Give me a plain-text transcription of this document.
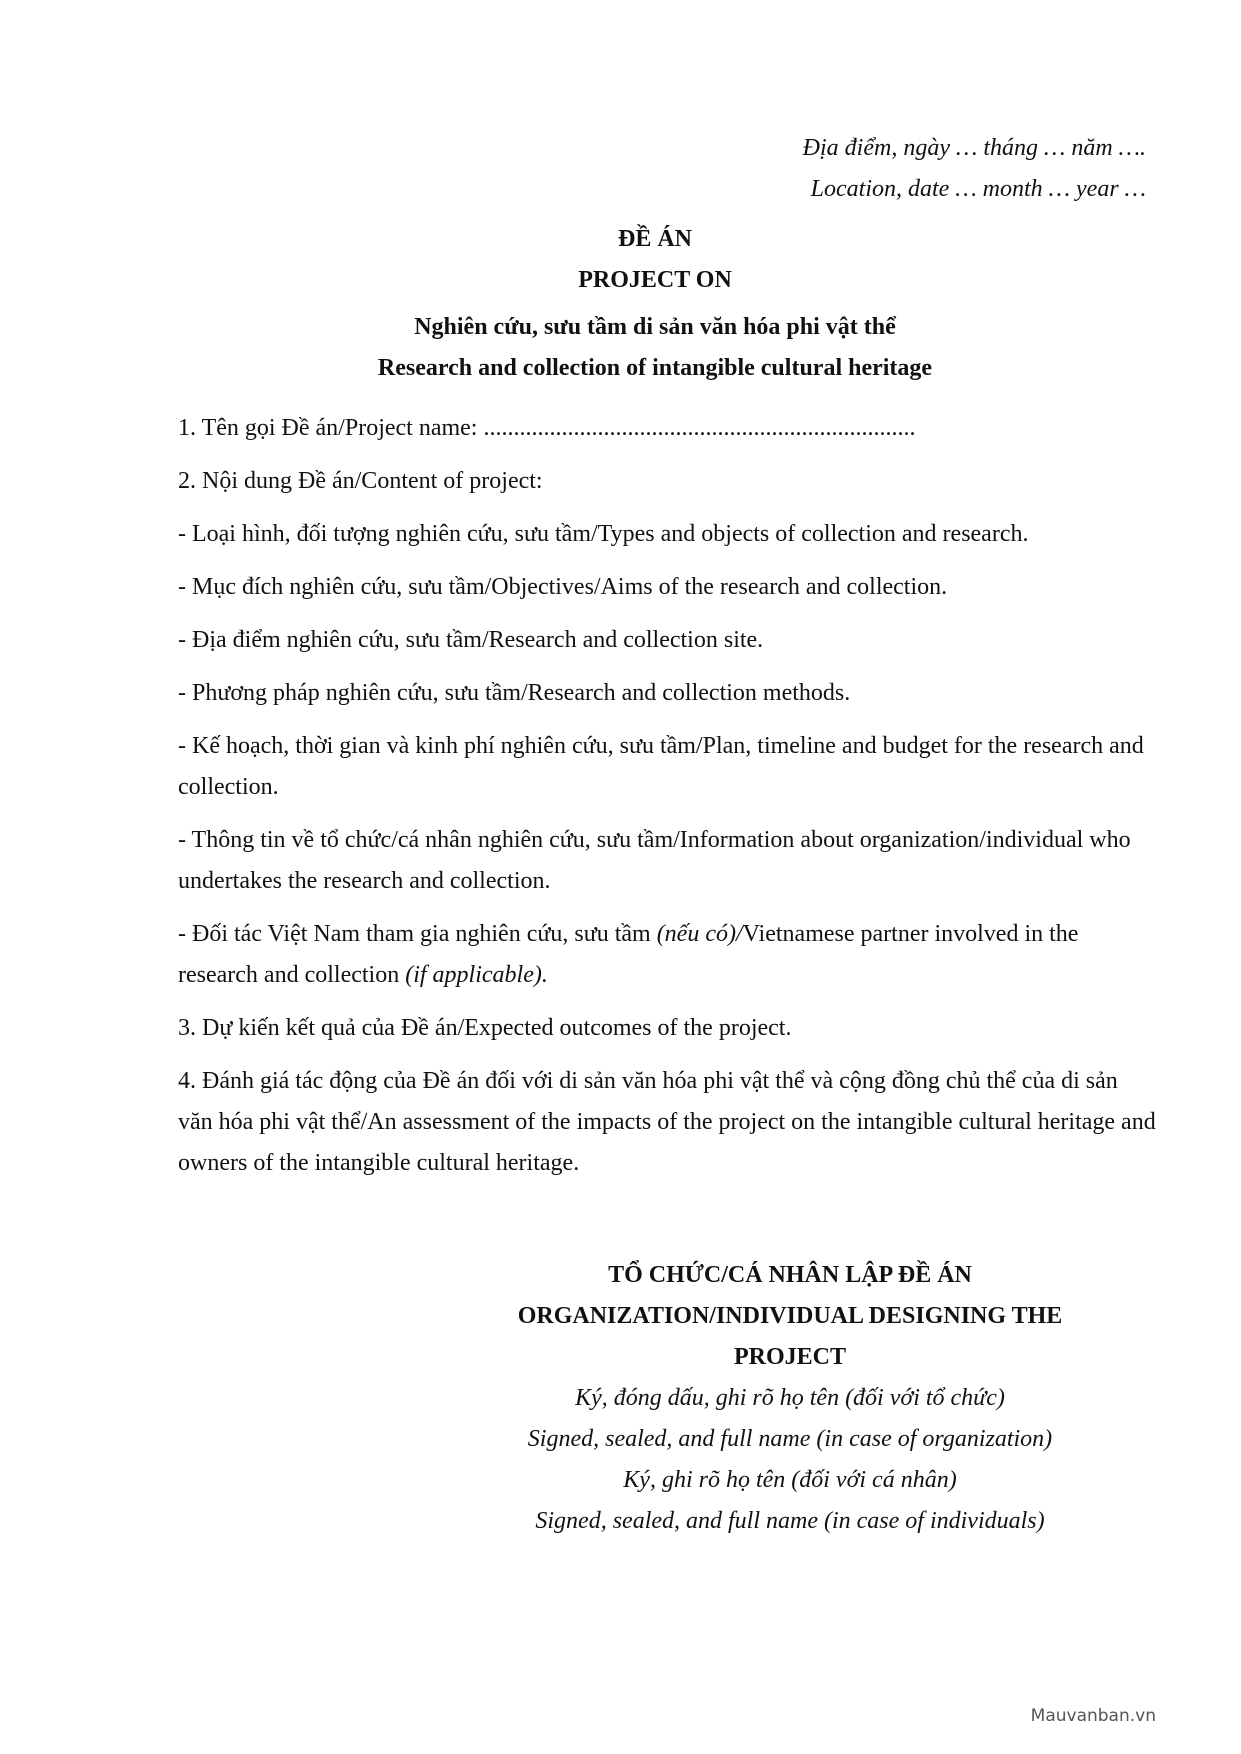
Địa điểm, ngày … tháng … năm ….
Location, date … month … year …
ĐỀ ÁN
PROJECT ON
Nghiên cứu, sưu tầm di sản văn hóa phi vật thể
Research and collection of intangible cultural heritage

1. Tên gọi Đề án/Project name: ........................................................................

2. Nội dung Đề án/Content of project:

- Loại hình, đối tượng nghiên cứu, sưu tầm/Types and objects of collection and research.

- Mục đích nghiên cứu, sưu tầm/Objectives/Aims of the research and collection.

- Địa điểm nghiên cứu, sưu tầm/Research and collection site.

- Phương pháp nghiên cứu, sưu tầm/Research and collection methods.

- Kế hoạch, thời gian và kinh phí nghiên cứu, sưu tầm/Plan, timeline and budget for the research and collection.

- Thông tin về tổ chức/cá nhân nghiên cứu, sưu tầm/Information about organization/individual who undertakes the research and collection.

- Đối tác Việt Nam tham gia nghiên cứu, sưu tầm (nếu có)/Vietnamese partner involved in the research and collection (if applicable).

3. Dự kiến kết quả của Đề án/Expected outcomes of the project.

4. Đánh giá tác động của Đề án đối với di sản văn hóa phi vật thể và cộng đồng chủ thể của di sản văn hóa phi vật thể/An assessment of the impacts of the project on the intangible cultural heritage and owners of the intangible cultural heritage.

TỔ CHỨC/CÁ NHÂN LẬP ĐỀ ÁN
ORGANIZATION/INDIVIDUAL DESIGNING THE PROJECT
Ký, đóng dấu, ghi rõ họ tên (đối với tổ chức)
Signed, sealed, and full name (in case of organization)
Ký, ghi rõ họ tên (đối với cá nhân)
Signed, sealed, and full name (in case of individuals)
Mauvanban.vn
